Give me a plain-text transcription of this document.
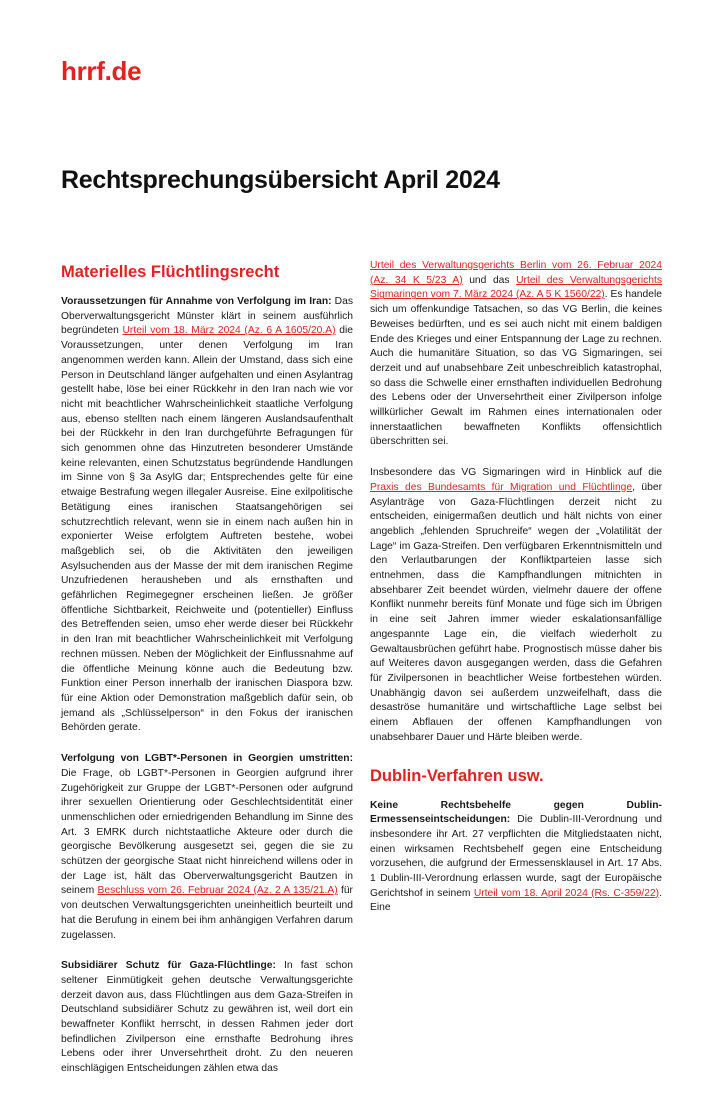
hrrf.de
Rechtsprechungsübersicht April 2024
Materielles Flüchtlingsrecht

Voraussetzungen für Annahme von Verfolgung im Iran: Das Oberverwaltungsgericht Münster klärt in seinem ausführlich begründeten Urteil vom 18. März 2024 (Az. 6 A 1605/20.A) die Voraussetzungen, unter denen Verfolgung im Iran angenommen werden kann. Allein der Umstand, dass sich eine Person in Deutschland länger aufgehalten und einen Asylantrag gestellt habe, löse bei einer Rückkehr in den Iran nach wie vor nicht mit beachtlicher Wahrscheinlichkeit staatliche Verfolgung aus, ebenso stellten nach einem längeren Auslandsaufenthalt bei der Rückkehr in den Iran durchgeführte Befragungen für sich genommen ohne das Hinzutreten besonderer Umstände keine relevanten, einen Schutzstatus begründende Handlungen im Sinne von § 3a AsylG dar; Entsprechendes gelte für eine etwaige Bestrafung wegen illegaler Ausreise. Eine exilpolitische Betätigung eines iranischen Staatsangehörigen sei schutzrechtlich relevant, wenn sie in einem nach außen hin in exponierter Weise erfolgtem Auftreten bestehe, wobei maßgeblich sei, ob die Aktivitäten den jeweiligen Asylsuchenden aus der Masse der mit dem iranischen Regime Unzufriedenen herausheben und als ernsthaften und gefährlichen Regimegegner erscheinen ließen. Je größer öffentliche Sichtbarkeit, Reichweite und (potentieller) Einfluss des Betreffenden seien, umso eher werde dieser bei Rückkehr in den Iran mit beachtlicher Wahrscheinlichkeit mit Verfolgung rechnen müssen. Neben der Möglichkeit der Einflussnahme auf die öffentliche Meinung könne auch die Bedeutung bzw. Funktion einer Person innerhalb der iranischen Diaspora bzw. für eine Aktion oder Demonstration maßgeblich dafür sein, ob jemand als „Schlüsselperson“ in den Fokus der iranischen Behörden gerate.

Verfolgung von LGBT*-Personen in Georgien umstritten: Die Frage, ob LGBT*-Personen in Georgien aufgrund ihrer Zugehörigkeit zur Gruppe der LGBT*-Personen oder aufgrund ihrer sexuellen Orientierung oder Geschlechtsidentität einer unmenschlichen oder erniedrigenden Behandlung im Sinne des Art. 3 EMRK durch nichtstaatliche Akteure oder durch die georgische Bevölkerung ausgesetzt sei, gegen die sie zu schützen der georgische Staat nicht hinreichend willens oder in der Lage ist, hält das Oberverwaltungsgericht Bautzen in seinem Beschluss vom 26. Februar 2024 (Az. 2 A 135/21.A) für von deutschen Verwaltungsgerichten uneinheitlich beurteilt und hat die Berufung in einem bei ihm anhängigen Verfahren darum zugelassen.

Subsidiärer Schutz für Gaza-Flüchtlinge: In fast schon seltener Einmütigkeit gehen deutsche Verwaltungsgerichte derzeit davon aus, dass Flüchtlingen aus dem Gaza-Streifen in Deutschland subsidiärer Schutz zu gewähren ist, weil dort ein bewaffneter Konflikt herrscht, in dessen Rahmen jeder dort befindlichen Zivilperson eine ernsthafte Bedrohung ihres Lebens oder ihrer Unversehrtheit droht. Zu den neueren einschlägigen Entscheidungen zählen etwa das

Urteil des Verwaltungsgerichts Berlin vom 26. Februar 2024 (Az. 34 K 5/23 A) und das Urteil des Verwaltungsgerichts Sigmaringen vom 7. März 2024 (Az. A 5 K 1560/22). Es handele sich um offenkundige Tatsachen, so das VG Berlin, die keines Beweises bedürften, und es sei auch nicht mit einem baldigen Ende des Krieges und einer Entspannung der Lage zu rechnen. Auch die humanitäre Situation, so das VG Sigmaringen, sei derzeit und auf unabsehbare Zeit unbeschreiblich katastrophal, so dass die Schwelle einer ernsthaften individuellen Bedrohung des Lebens oder der Unversehrtheit einer Zivilperson infolge willkürlicher Gewalt im Rahmen eines internationalen oder innerstaatlichen bewaffneten Konflikts offensichtlich überschritten sei.

Insbesondere das VG Sigmaringen wird in Hinblick auf die Praxis des Bundesamts für Migration und Flüchtlinge, über Asylanträge von Gaza-Flüchtlingen derzeit nicht zu entscheiden, einigermaßen deutlich und hält nichts von einer angeblich „fehlenden Spruchreife“ wegen der „Volatilität der Lage“ im Gaza-Streifen. Den verfügbaren Erkenntnismitteln und den Verlautbarungen der Konfliktparteien lasse sich entnehmen, dass die Kampfhandlungen mitnichten in absehbarer Zeit beendet würden, vielmehr dauere der offene Konflikt nunmehr bereits fünf Monate und füge sich im Übrigen in eine seit Jahren immer wieder eskalationsanfällige angespannte Lage ein, die vielfach wiederholt zu Gewaltausbrüchen geführt habe. Prognostisch müsse daher bis auf Weiteres davon ausgegangen werden, dass die Gefahren für Zivilpersonen in beachtlicher Weise fortbestehen würden. Unabhängig davon sei außerdem unzweifelhaft, dass die desaströse humanitäre und wirtschaftliche Lage selbst bei einem Abflauen der offenen Kampfhandlungen von unabsehbarer Dauer und Härte bleiben werde.

Dublin-Verfahren usw.

Keine Rechtsbehelfe gegen Dublin-Ermessenseintscheidungen: Die Dublin-III-Verordnung und insbesondere ihr Art. 27 verpflichten die Mitgliedstaaten nicht, einen wirksamen Rechtsbehelf gegen eine Entscheidung vorzusehen, die aufgrund der Ermessensklausel in Art. 17 Abs. 1 Dublin-III-Verordnung erlassen wurde, sagt der Europäische Gerichtshof in seinem Urteil vom 18. April 2024 (Rs. C-359/22). Eine
